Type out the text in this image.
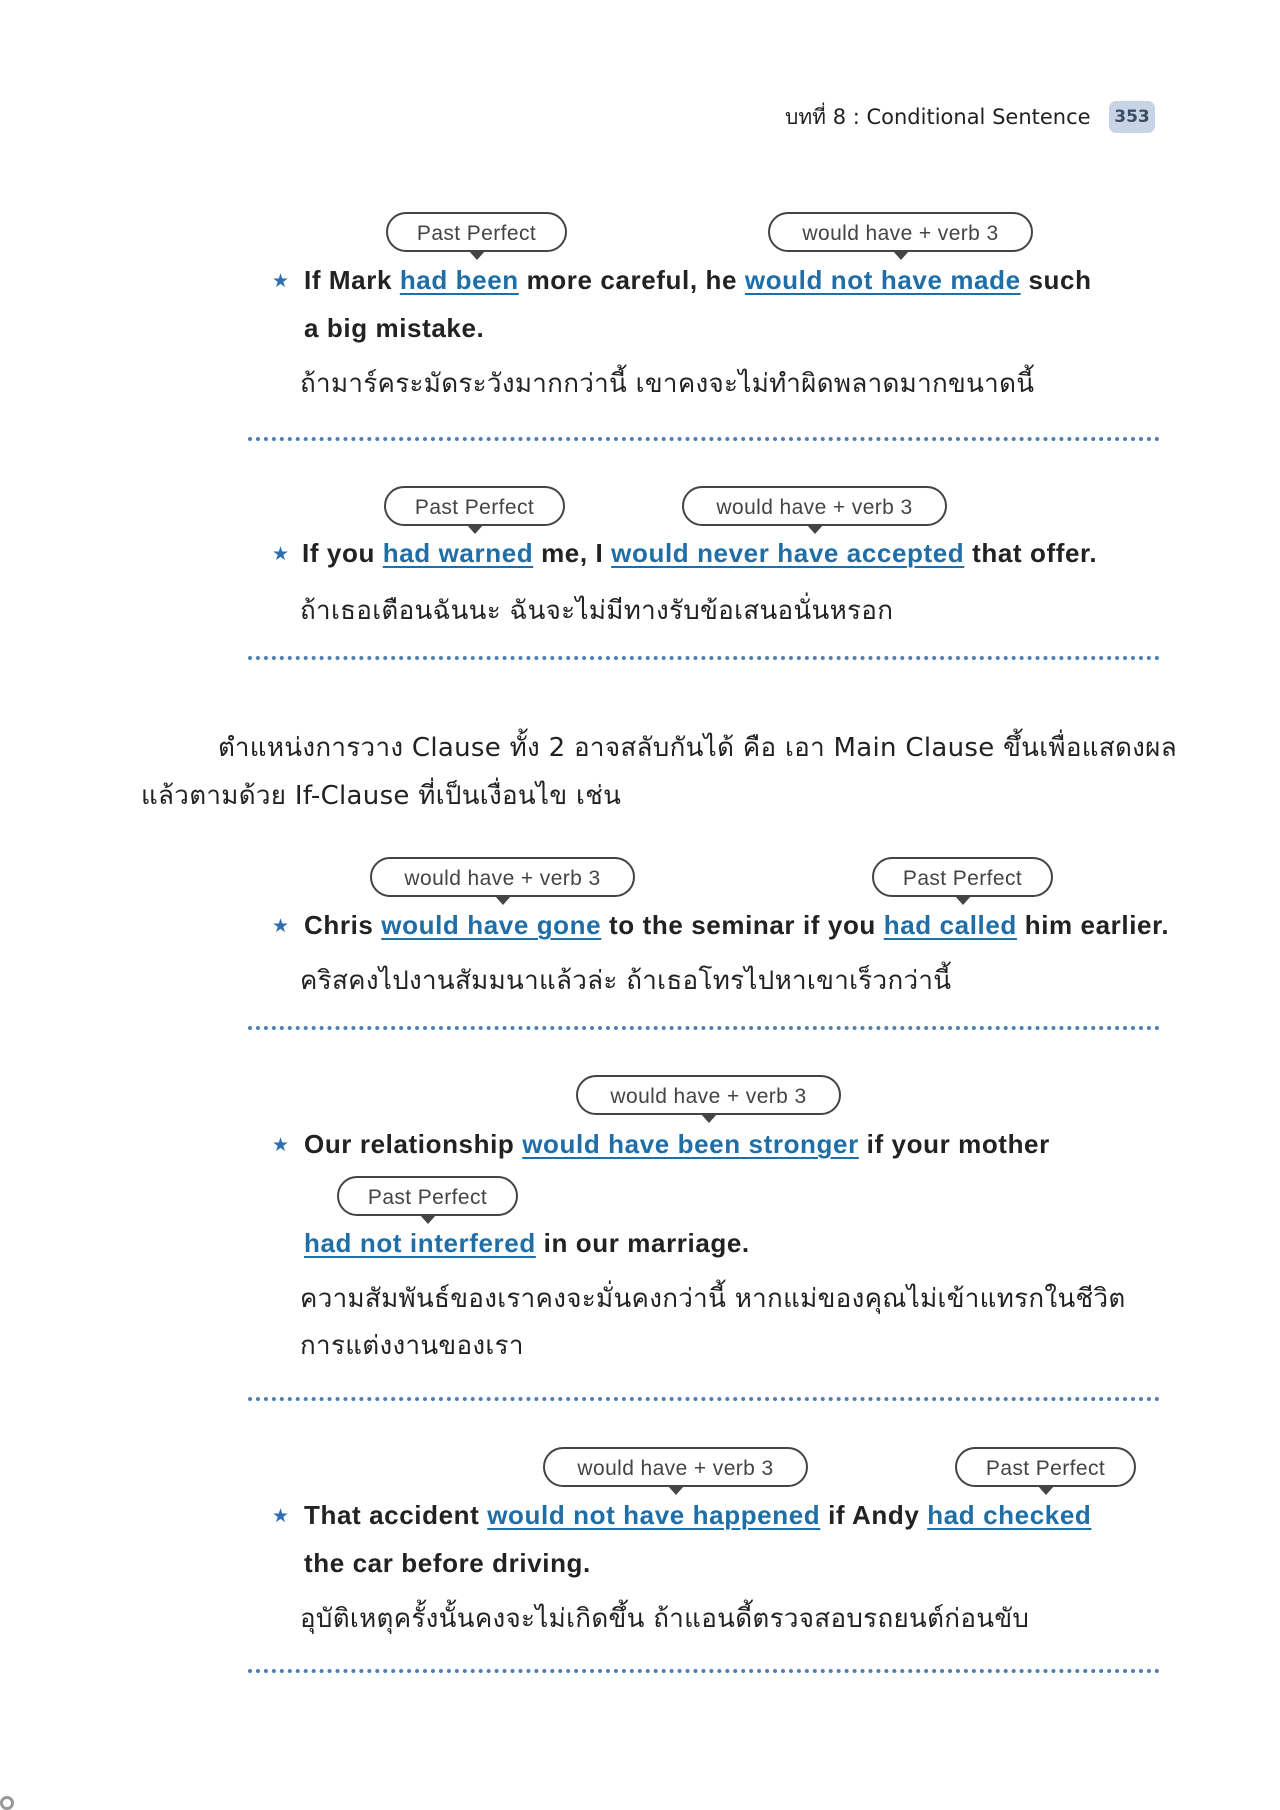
บทที่ 8 : Conditional Sentence	353
Past Perfect	would have + verb 3
★ If Mark had been more careful, he would not have made such
a big mistake.
ถ้ามาร์คระมัดระวังมากกว่านี้ เขาคงจะไม่ทำผิดพลาดมากขนาดนี้
Past Perfect	would have + verb 3
★ If you had warned me, I would never have accepted that offer.
ถ้าเธอเตือนฉันนะ ฉันจะไม่มีทางรับข้อเสนอนั่นหรอก
ตำแหน่งการวาง Clause ทั้ง 2 อาจสลับกันได้ คือ เอา Main Clause ขึ้นเพื่อแสดงผล
แล้วตามด้วย If-Clause ที่เป็นเงื่อนไข เช่น
would have + verb 3	Past Perfect
★ Chris would have gone to the seminar if you had called him earlier.
คริสคงไปงานสัมมนาแล้วล่ะ ถ้าเธอโทรไปหาเขาเร็วกว่านี้
would have + verb 3
★ Our relationship would have been stronger if your mother
Past Perfect
had not interfered in our marriage.
ความสัมพันธ์ของเราคงจะมั่นคงกว่านี้ หากแม่ของคุณไม่เข้าแทรกในชีวิต
การแต่งงานของเรา
would have + verb 3	Past Perfect
★ That accident would not have happened if Andy had checked
the car before driving.
อุบัติเหตุครั้งนั้นคงจะไม่เกิดขึ้น ถ้าแอนดี้ตรวจสอบรถยนต์ก่อนขับ
